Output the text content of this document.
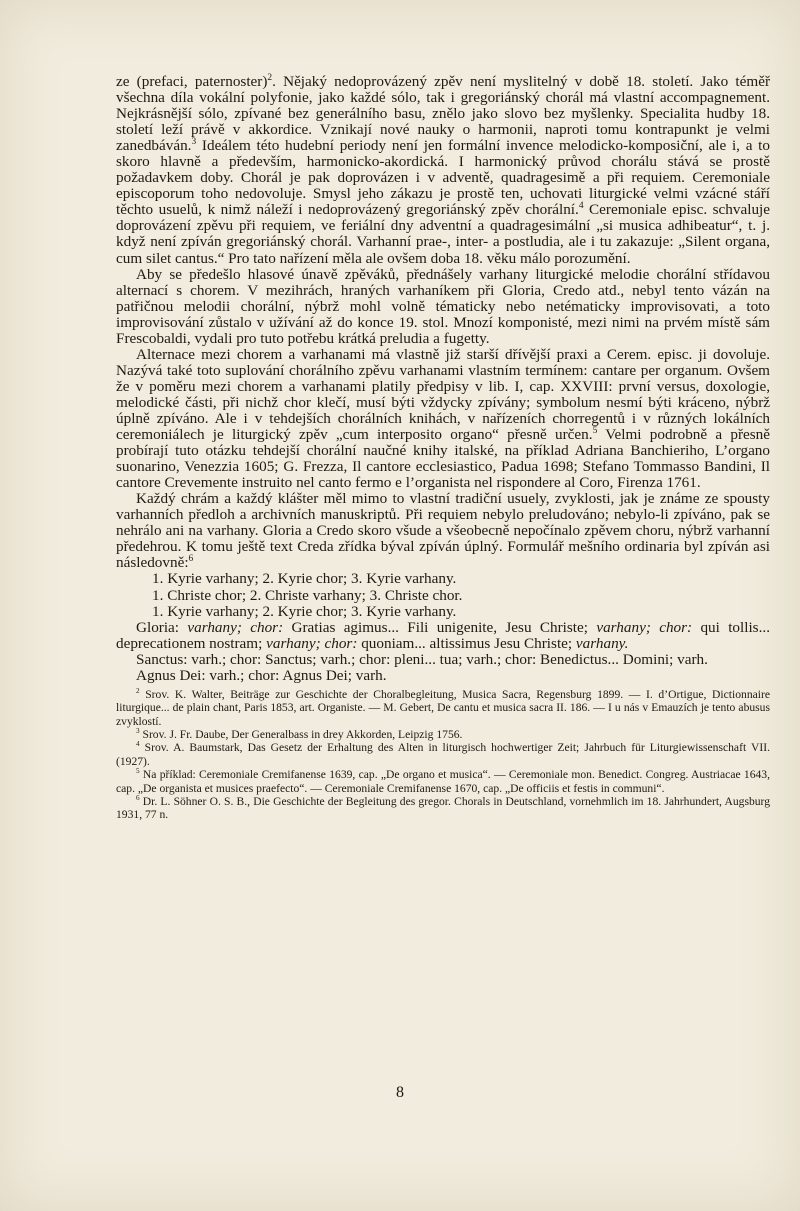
ze (prefaci, paternoster)$^2$. Nějaký nedoprovázený zpěv není myslitelný v době 18. století. Jako téměř všechna díla vokální polyfonie, jako každé sólo, tak i gregoriánský chorál má vlastní accompagnement. Nejkrásnější sólo, zpívané bez generálního basu, znělo jako slovo bez myšlenky. Specialita hudby 18. století leží právě v akkordice. Vznikají nové nauky o harmonii, naproti tomu kontrapunkt je velmi zanedbáván.$^3$ Ideálem této hudební periody není jen formální invence melodicko-komposiční, ale i, a to skoro hlavně a především, harmonicko-akordická. I harmonický průvod chorálu stává se prostě požadavkem doby. Chorál je pak doprovázen i v adventě, quadragesimě a při requiem. Ceremoniale episcoporum toho nedovoluje. Smysl jeho zákazu je prostě ten, uchovati liturgické velmi vzácné stáří těchto usuelů, k nimž náleží i nedoprovázený gregoriánský zpěv chorální.$^4$ Ceremoniale episc. schvaluje doprovázení zpěvu při requiem, ve feriální dny adventní a quadragesimální „si musica adhibeatur“, t. j. když není zpíván gregoriánský chorál. Varhanní prae-, inter- a postludia, ale i tu zakazuje: „Silent organa, cum silet cantus.“ Pro tato nařízení měla ale ovšem doba 18. věku málo porozumění.

Aby se předešlo hlasové únavě zpěváků, přednášely varhany liturgické melodie chorální střídavou alternací s chorem. V mezihrách, hraných varhaníkem při Gloria, Credo atd., nebyl tento vázán na patřičnou melodii chorální, nýbrž mohl volně tématicky nebo netématicky improvisovati, a toto improvisování zůstalo v užívání až do konce 19. stol. Mnozí komponisté, mezi nimi na prvém místě sám Frescobaldi, vydali pro tuto potřebu krátká preludia a fugetty.

Alternace mezi chorem a varhanami má vlastně již starší dřívější praxi a Cerem. episc. ji dovoluje. Nazývá také toto suplování chorálního zpěvu varhanami vlastním termínem: cantare per organum. Ovšem že v poměru mezi chorem a varhanami platily předpisy v lib. I, cap. XXVIII: první versus, doxologie, melodické části, při nichž chor klečí, musí býti vždycky zpívány; symbolum nesmí býti kráceno, nýbrž úplně zpíváno. Ale i v tehdejších chorálních knihách, v nařízeních chorregentů i v různých lokálních ceremoniálech je liturgický zpěv „cum interposito organo“ přesně určen.$^5$ Velmi podrobně a přesně probírají tuto otázku tehdejší chorální naučné knihy italské, na příklad Adriana Banchieriho, L’organo suonarino, Venezzia 1605; G. Frezza, Il cantore ecclesiastico, Padua 1698; Stefano Tommasso Bandini, Il cantore Crevemente instruito nel canto fermo e l’organista nel rispondere al Coro, Firenza 1761.

Každý chrám a každý klášter měl mimo to vlastní tradiční usuely, zvyklosti, jak je známe ze spousty varhanních předloh a archivních manuskriptů. Při requiem nebylo preludováno; nebylo-li zpíváno, pak se nehrálo ani na varhany. Gloria a Credo skoro všude a všeobecně nepočínalo zpěvem choru, nýbrž varhanní předehrou. K tomu ještě text Creda zřídka býval zpíván úplný. Formulář mešního ordinaria byl zpíván asi následovně:$^6$

1. Kyrie varhany; 2. Kyrie chor; 3. Kyrie varhany.

1. Christe chor; 2. Christe varhany; 3. Christe chor.

1. Kyrie varhany; 2. Kyrie chor; 3. Kyrie varhany.

Gloria: varhany; chor: Gratias agimus... Fili unigenite, Jesu Christe; varhany; chor: qui tollis... deprecationem nostram; varhany; chor: quoniam... altissimus Jesu Christe; varhany.

Sanctus: varh.; chor: Sanctus; varh.; chor: pleni... tua; varh.; chor: Benedictus... Domini; varh.

Agnus Dei: varh.; chor: Agnus Dei; varh.

$^2$ Srov. K. Walter, Beiträge zur Geschichte der Choralbegleitung, Musica Sacra, Regensburg 1899. — I. d’Ortigue, Dictionnaire liturgique... de plain chant, Paris 1853, art. Organiste. — M. Gebert, De cantu et musica sacra II. 186. — I u nás v Emauzích je tento abusus zvyklostí.

$^3$ Srov. J. Fr. Daube, Der Generalbass in drey Akkorden, Leipzig 1756.

$^4$ Srov. A. Baumstark, Das Gesetz der Erhaltung des Alten in liturgisch hochwertiger Zeit; Jahrbuch für Liturgiewissenschaft VII. (1927).

$^5$ Na příklad: Ceremoniale Cremifanense 1639, cap. „De organo et musica“. — Ceremoniale mon. Benedict. Congreg. Austriacae 1643, cap. „De organista et musices praefecto“. — Ceremoniale Cremifanense 1670, cap. „De officiis et festis in communi“.

$^6$ Dr. L. Söhner O. S. B., Die Geschichte der Begleitung des gregor. Chorals in Deutschland, vornehmlich im 18. Jahrhundert, Augsburg 1931, 77 n.

8
